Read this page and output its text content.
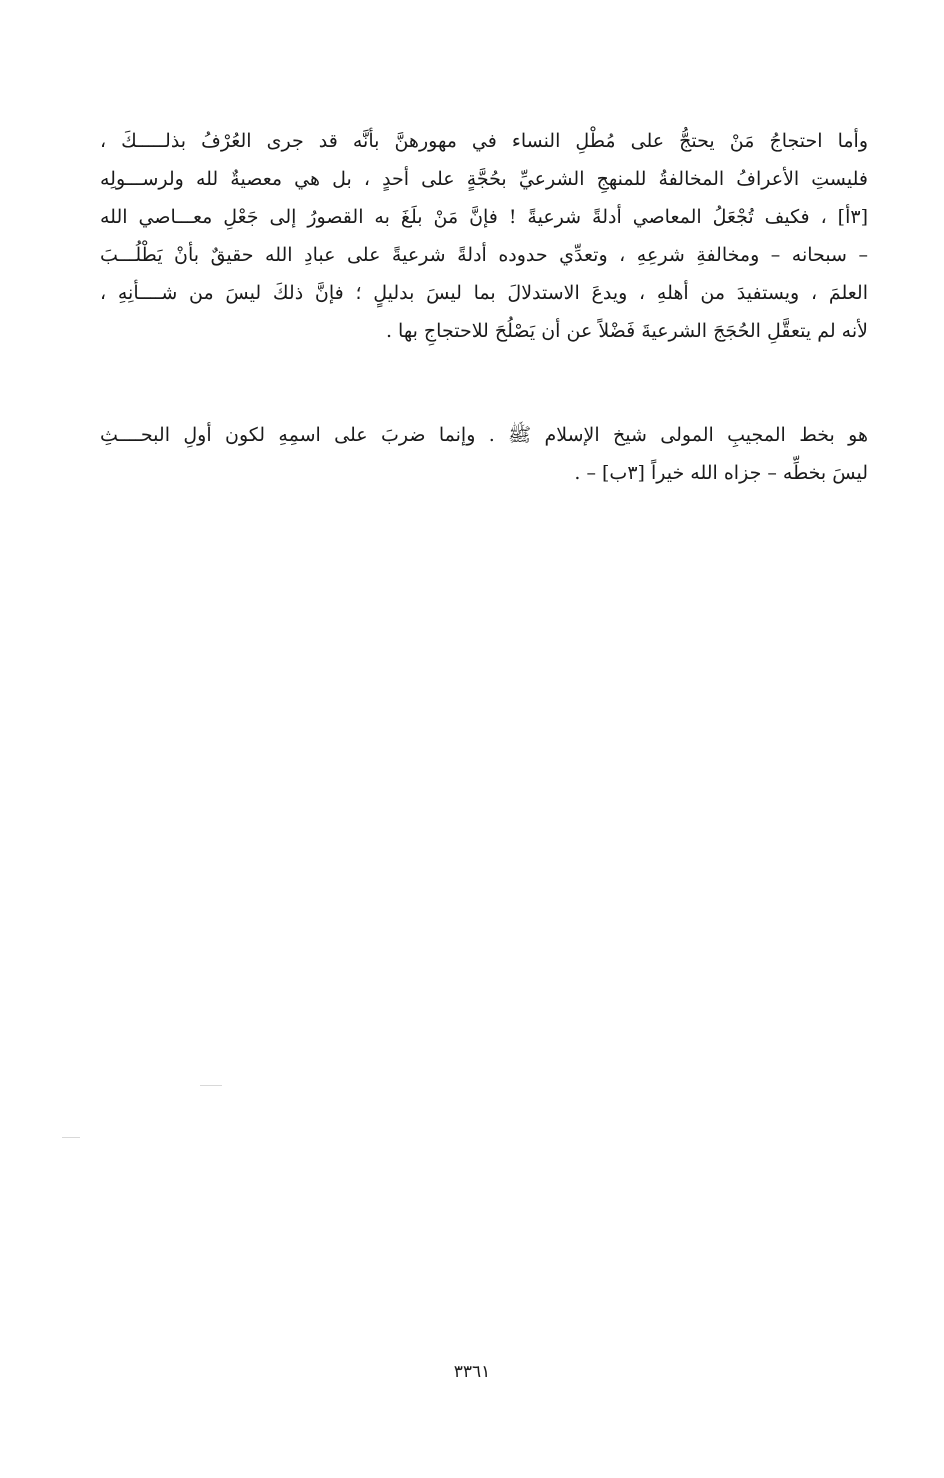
وأما احتجاجُ مَنْ يحتجُّ على مُطْلِ النساء في مهورهنَّ بأنَّه قد جرى العُرْفُ بذلـــــكَ ،
فليستِ الأعرافُ المخالفةُ للمنهجِ الشرعيِّ بحُجَّةٍ على أحدٍ ، بل هي معصيةٌ لله ولرســـولِه
[٣أ] ، فكيف تُجْعَلُ المعاصي أدلةً شرعيةً ! فإنَّ مَنْ بلَغَ به القصورُ إلى جَعْلِ معـــاصي الله
– سبحانه – ومخالفةِ شرعِهِ ، وتعدِّي حدوده أدلةً شرعيةً على عبادِ الله حقيقٌ بأنْ يَطْلُـــبَ
العلمَ ، ويستفيدَ من أهلهِ ، ويدعَ الاستدلالَ بما ليسَ بدليلٍ ؛ فإنَّ ذلكَ ليسَ من شــــأنِهِ ،
لأنه لم يتعقَّلِ الحُجَجَ الشرعيةَ فَضْلاً عن أن يَصْلُحَ للاحتجاجِ بها .
هو بخط المجيبِ المولى شيخ الإسلام ﷺ . وإنما ضربَ على اسمِهِ لكون أولِ البحــــثِ
ليسَ بخطِّه – جزاه الله خيراً [٣ب] – .
٣٣٦١
